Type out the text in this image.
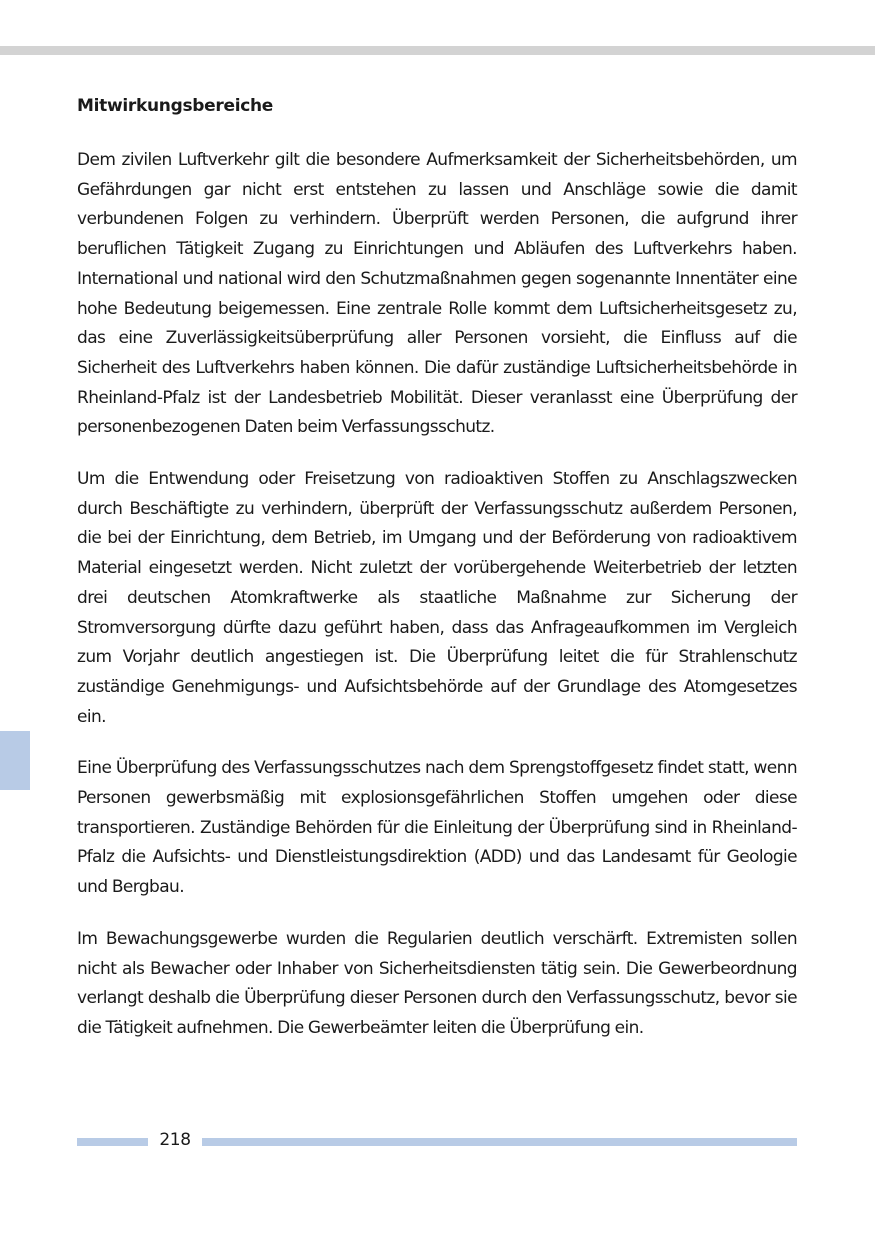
Mitwirkungsbereiche

Dem zivilen Luftverkehr gilt die besondere Aufmerksamkeit der Sicherheitsbehörden, um Gefährdungen gar nicht erst entstehen zu lassen und Anschläge sowie die damit verbundenen Folgen zu verhindern. Überprüft werden Personen, die aufgrund ihrer beruflichen Tätigkeit Zugang zu Einrichtungen und Abläufen des Luftverkehrs haben. International und national wird den Schutzmaßnahmen gegen sogenannte Innentäter eine hohe Bedeutung beigemessen. Eine zentrale Rolle kommt dem Luftsicherheitsgesetz zu, das eine Zuverlässigkeitsüberprüfung aller Personen vorsieht, die Einfluss auf die Sicherheit des Luftverkehrs haben können. Die dafür zuständige Luftsicherheitsbehörde in Rheinland-Pfalz ist der Landesbetrieb Mobilität. Dieser veranlasst eine Überprüfung der personenbezogenen Daten beim Verfassungsschutz.

Um die Entwendung oder Freisetzung von radioaktiven Stoffen zu Anschlagszwecken durch Beschäftigte zu verhindern, überprüft der Verfassungsschutz außerdem Personen, die bei der Einrichtung, dem Betrieb, im Umgang und der Beförderung von radioaktivem Material eingesetzt werden. Nicht zuletzt der vorübergehende Weiterbetrieb der letzten drei deutschen Atomkraftwerke als staatliche Maßnahme zur Sicherung der Stromversorgung dürfte dazu geführt haben, dass das Anfrageaufkommen im Vergleich zum Vorjahr deutlich angestiegen ist. Die Überprüfung leitet die für Strahlenschutz zuständige Genehmigungs- und Aufsichtsbehörde auf der Grundlage des Atomgesetzes ein.

Eine Überprüfung des Verfassungsschutzes nach dem Sprengstoffgesetz findet statt, wenn Personen gewerbsmäßig mit explosionsgefährlichen Stoffen umgehen oder diese transportieren. Zuständige Behörden für die Einleitung der Überprüfung sind in Rheinland-Pfalz die Aufsichts- und Dienstleistungsdirektion (ADD) und das Landesamt für Geologie und Bergbau.

Im Bewachungsgewerbe wurden die Regularien deutlich verschärft. Extremisten sollen nicht als Bewacher oder Inhaber von Sicherheitsdiensten tätig sein. Die Gewerbeordnung verlangt deshalb die Überprüfung dieser Personen durch den Verfassungsschutz, bevor sie die Tätigkeit aufnehmen. Die Gewerbeämter leiten die Überprüfung ein.

218
